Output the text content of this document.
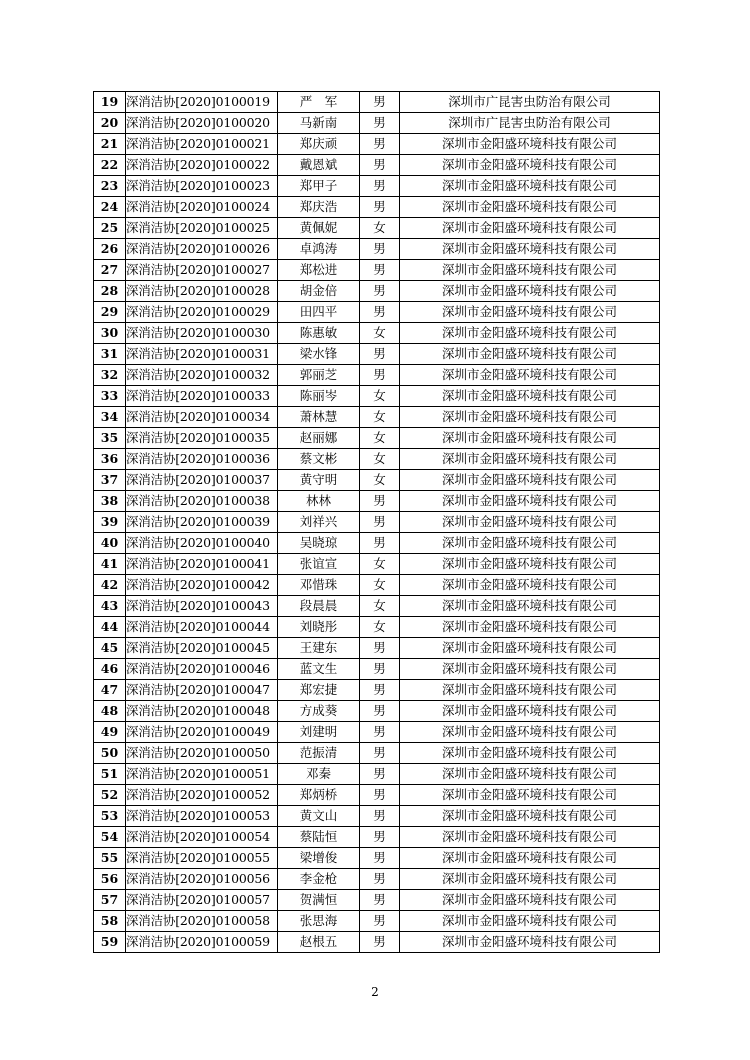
19	深消洁协[2020]0100019	严　军	男	深圳市广昆害虫防治有限公司
20	深消洁协[2020]0100020	马新南	男	深圳市广昆害虫防治有限公司
21	深消洁协[2020]0100021	郑庆顽	男	深圳市金阳盛环境科技有限公司
22	深消洁协[2020]0100022	戴恩斌	男	深圳市金阳盛环境科技有限公司
23	深消洁协[2020]0100023	郑甲子	男	深圳市金阳盛环境科技有限公司
24	深消洁协[2020]0100024	郑庆浩	男	深圳市金阳盛环境科技有限公司
25	深消洁协[2020]0100025	黄佩妮	女	深圳市金阳盛环境科技有限公司
26	深消洁协[2020]0100026	卓鸿涛	男	深圳市金阳盛环境科技有限公司
27	深消洁协[2020]0100027	郑松进	男	深圳市金阳盛环境科技有限公司
28	深消洁协[2020]0100028	胡金倍	男	深圳市金阳盛环境科技有限公司
29	深消洁协[2020]0100029	田四平	男	深圳市金阳盛环境科技有限公司
30	深消洁协[2020]0100030	陈惠敏	女	深圳市金阳盛环境科技有限公司
31	深消洁协[2020]0100031	梁水锋	男	深圳市金阳盛环境科技有限公司
32	深消洁协[2020]0100032	郭丽芝	男	深圳市金阳盛环境科技有限公司
33	深消洁协[2020]0100033	陈丽岑	女	深圳市金阳盛环境科技有限公司
34	深消洁协[2020]0100034	萧林慧	女	深圳市金阳盛环境科技有限公司
35	深消洁协[2020]0100035	赵丽娜	女	深圳市金阳盛环境科技有限公司
36	深消洁协[2020]0100036	蔡文彬	女	深圳市金阳盛环境科技有限公司
37	深消洁协[2020]0100037	黄守明	女	深圳市金阳盛环境科技有限公司
38	深消洁协[2020]0100038	林林	男	深圳市金阳盛环境科技有限公司
39	深消洁协[2020]0100039	刘祥兴	男	深圳市金阳盛环境科技有限公司
40	深消洁协[2020]0100040	吴晓琼	男	深圳市金阳盛环境科技有限公司
41	深消洁协[2020]0100041	张谊宣	女	深圳市金阳盛环境科技有限公司
42	深消洁协[2020]0100042	邓惜珠	女	深圳市金阳盛环境科技有限公司
43	深消洁协[2020]0100043	段晨晨	女	深圳市金阳盛环境科技有限公司
44	深消洁协[2020]0100044	刘晓彤	女	深圳市金阳盛环境科技有限公司
45	深消洁协[2020]0100045	王建东	男	深圳市金阳盛环境科技有限公司
46	深消洁协[2020]0100046	蓝文生	男	深圳市金阳盛环境科技有限公司
47	深消洁协[2020]0100047	郑宏捷	男	深圳市金阳盛环境科技有限公司
48	深消洁协[2020]0100048	方成葵	男	深圳市金阳盛环境科技有限公司
49	深消洁协[2020]0100049	刘建明	男	深圳市金阳盛环境科技有限公司
50	深消洁协[2020]0100050	范振清	男	深圳市金阳盛环境科技有限公司
51	深消洁协[2020]0100051	邓秦	男	深圳市金阳盛环境科技有限公司
52	深消洁协[2020]0100052	郑炳桥	男	深圳市金阳盛环境科技有限公司
53	深消洁协[2020]0100053	黄文山	男	深圳市金阳盛环境科技有限公司
54	深消洁协[2020]0100054	蔡陆恒	男	深圳市金阳盛环境科技有限公司
55	深消洁协[2020]0100055	梁增俊	男	深圳市金阳盛环境科技有限公司
56	深消洁协[2020]0100056	李金枪	男	深圳市金阳盛环境科技有限公司
57	深消洁协[2020]0100057	贺满恒	男	深圳市金阳盛环境科技有限公司
58	深消洁协[2020]0100058	张思海	男	深圳市金阳盛环境科技有限公司
59	深消洁协[2020]0100059	赵根五	男	深圳市金阳盛环境科技有限公司
2
